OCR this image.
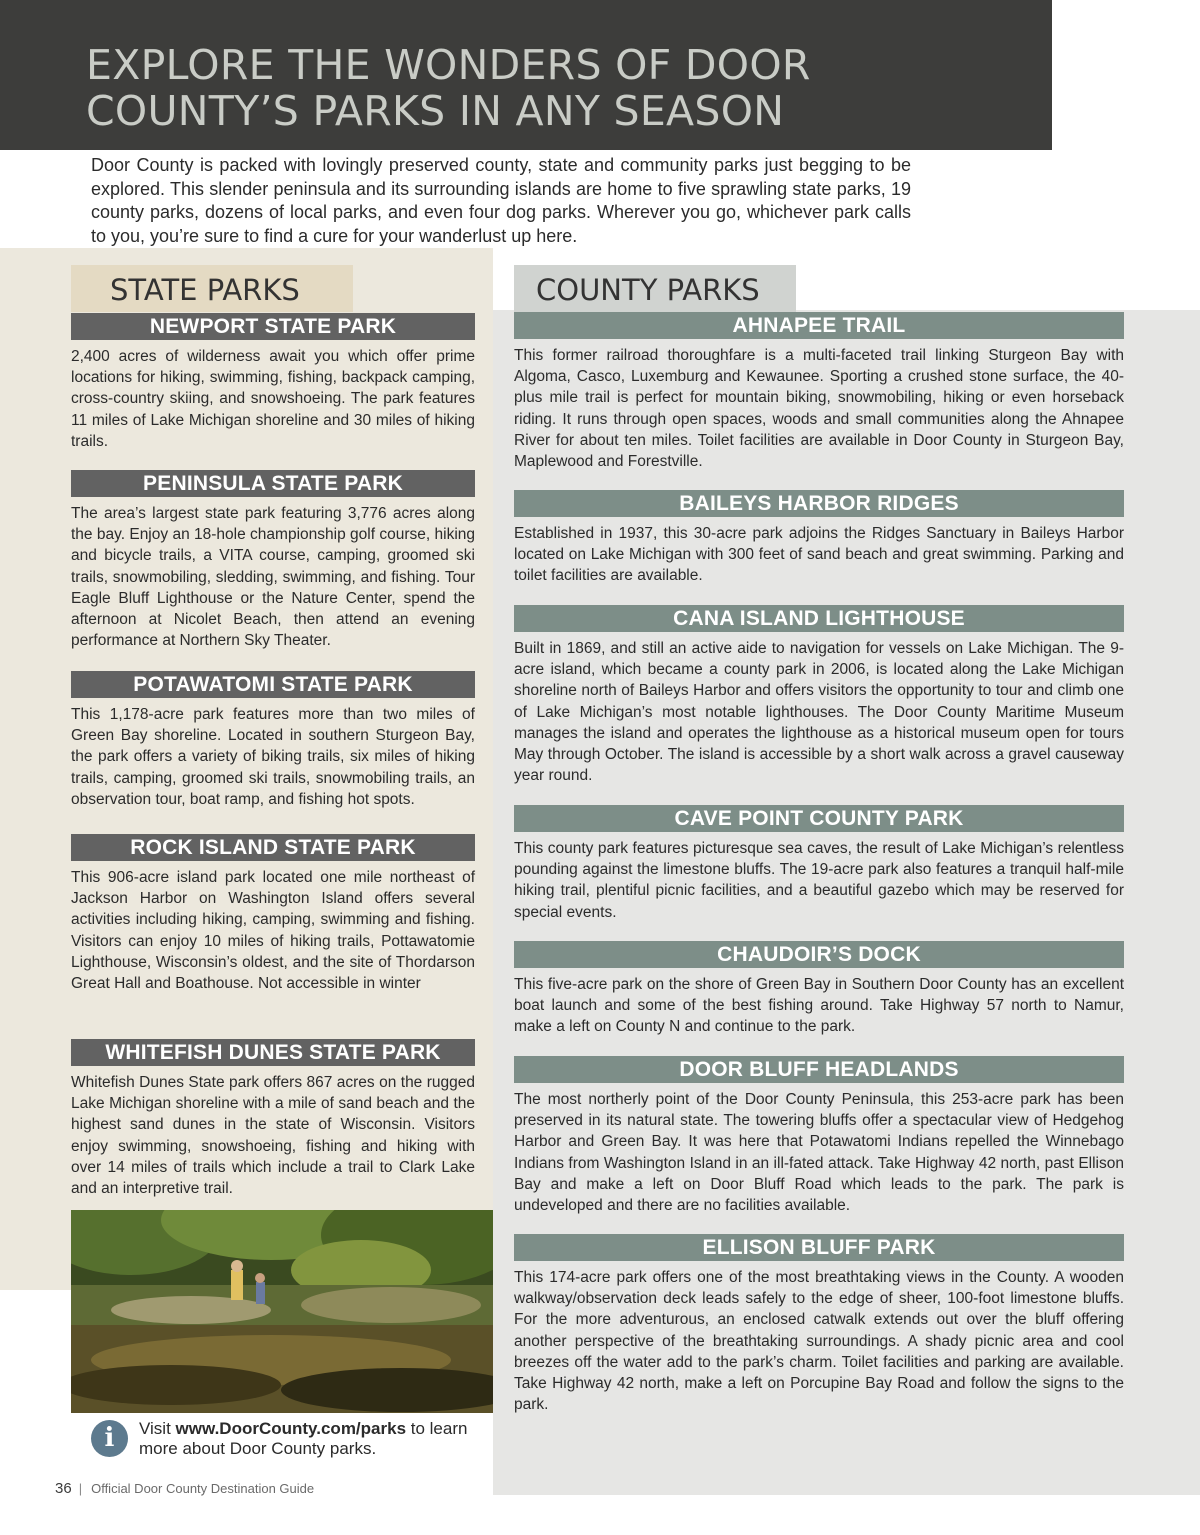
EXPLORE THE WONDERS OF DOOR
COUNTY’S PARKS IN ANY SEASON

Door County is packed with lovingly preserved county, state and community parks just begging to be explored. This slender peninsula and its surrounding islands are home to five sprawling state parks, 19 county parks, dozens of local parks, and even four dog parks. Wherever you go, whichever park calls to you, you’re sure to find a cure for your wanderlust up here.

STATE PARKS	COUNTY PARKS
NEWPORT STATE PARK

2,400 acres of wilderness await you which offer prime locations for hiking, swimming, fishing, backpack camping, cross-country skiing, and snowshoeing. The park features 11 miles of Lake Michigan shoreline and 30 miles of hiking trails.

PENINSULA STATE PARK

The area’s largest state park featuring 3,776 acres along the bay. Enjoy an 18-hole championship golf course, hiking and bicycle trails, a VITA course, camping, groomed ski trails, snowmobiling, sledding, swimming, and fishing. Tour Eagle Bluff Lighthouse or the Nature Center, spend the afternoon at Nicolet Beach, then attend an evening performance at Northern Sky Theater.

POTAWATOMI STATE PARK

This 1,178-acre park features more than two miles of Green Bay shoreline. Located in southern Sturgeon Bay, the park offers a variety of biking trails, six miles of hiking trails, camping, groomed ski trails, snowmobiling trails, an observation tour, boat ramp, and fishing hot spots.

ROCK ISLAND STATE PARK

This 906-acre island park located one mile northeast of Jackson Harbor on Washington Island offers several activities including hiking, camping, swimming and fishing. Visitors can enjoy 10 miles of hiking trails, Pottawatomie Lighthouse, Wisconsin’s oldest, and the site of Thordarson Great Hall and Boathouse. Not accessible in winter

WHITEFISH DUNES STATE PARK

Whitefish Dunes State park offers 867 acres on the rugged Lake Michigan shoreline with a mile of sand beach and the highest sand dunes in the state of Wisconsin. Visitors enjoy swimming, snowshoeing, fishing and hiking with over 14 miles of trails which include a trail to Clark Lake and an interpretive trail.

AHNAPEE TRAIL

This former railroad thoroughfare is a multi-faceted trail linking Sturgeon Bay with Algoma, Casco, Luxemburg and Kewaunee. Sporting a crushed stone surface, the 40-plus mile trail is perfect for mountain biking, snowmobiling, hiking or even horseback riding. It runs through open spaces, woods and small communities along the Ahnapee River for about ten miles. Toilet facilities are available in Door County in Sturgeon Bay, Maplewood and Forestville.

BAILEYS HARBOR RIDGES

Established in 1937, this 30-acre park adjoins the Ridges Sanctuary in Baileys Harbor located on Lake Michigan with 300 feet of sand beach and great swimming. Parking and toilet facilities are available.

CANA ISLAND LIGHTHOUSE

Built in 1869, and still an active aide to navigation for vessels on Lake Michigan. The 9-acre island, which became a county park in 2006, is located along the Lake Michigan shoreline north of Baileys Harbor and offers visitors the opportunity to tour and climb one of Lake Michigan’s most notable lighthouses. The Door County Maritime Museum manages the island and operates the lighthouse as a historical museum open for tours May through October. The island is accessible by a short walk across a gravel causeway year round.

CAVE POINT COUNTY PARK

This county park features picturesque sea caves, the result of Lake Michigan’s relentless pounding against the limestone bluffs. The 19-acre park also features a tranquil half-mile hiking trail, plentiful picnic facilities, and a beautiful gazebo which may be reserved for special events.

CHAUDOIR’S DOCK

This five-acre park on the shore of Green Bay in Southern Door County has an excellent boat launch and some of the best fishing around. Take Highway 57 north to Namur, make a left on County N and continue to the park.

DOOR BLUFF HEADLANDS

The most northerly point of the Door County Peninsula, this 253-acre park has been preserved in its natural state. The towering bluffs offer a spectacular view of Hedgehog Harbor and Green Bay. It was here that Potawatomi Indians repelled the Winnebago Indians from Washington Island in an ill-fated attack. Take Highway 42 north, past Ellison Bay and make a left on Door Bluff Road which leads to the park. The park is undeveloped and there are no facilities available.

ELLISON BLUFF PARK

This 174-acre park offers one of the most breathtaking views in the County. A wooden walkway/observation deck leads safely to the edge of sheer, 100-foot limestone bluffs. For the more adventurous, an enclosed catwalk extends out over the bluff offering another perspective of the breathtaking surroundings. A shady picnic area and cool breezes off the water add to the park’s charm. Toilet facilities and parking are available. Take Highway 42 north, make a left on Porcupine Bay Road and follow the signs to the park.

i	Visit www.DoorCounty.com/parks to learn more about Door County parks.

36 | Official Door County Destination Guide
